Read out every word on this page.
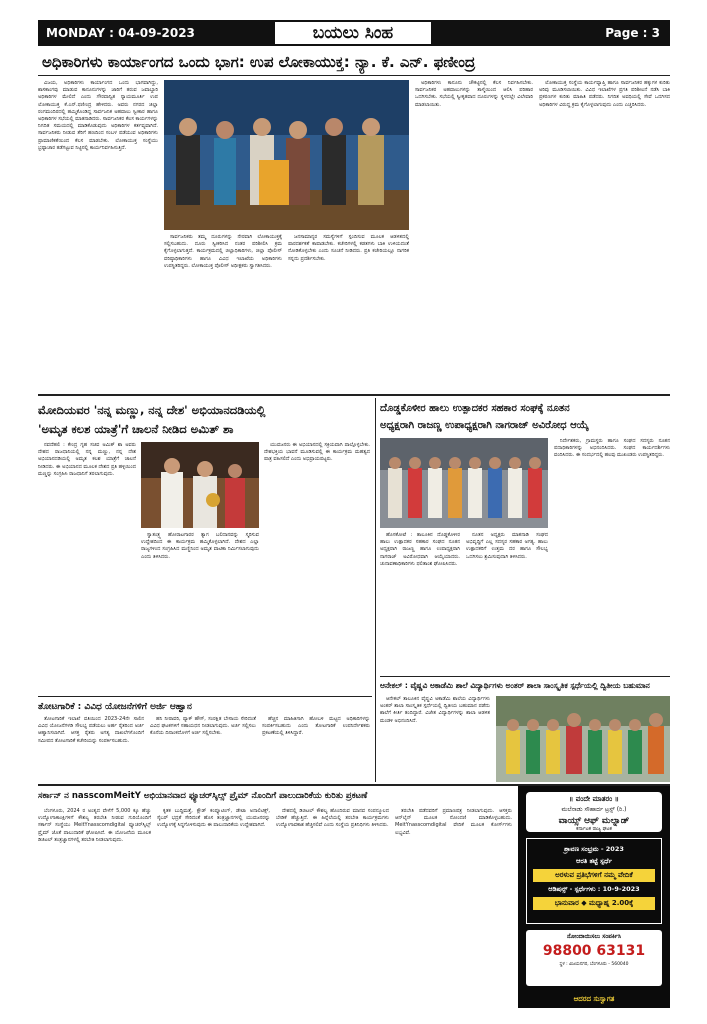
MONDAY : 04-09-2023	ಬಯಲು ಸಿಂಹ	Page : 3
ಅಧಿಕಾರಿಗಳು ಕಾರ್ಯಾಂಗದ ಒಂದು ಭಾಗ: ಉಪ ಲೋಕಾಯುಕ್ತ: ನ್ಯಾ. ಕೆ. ಎನ್. ಫಣೀಂದ್ರ

ವಿಜಯ, ಅಧಿಕಾರಿಗಳು ಕಾರ್ಯಾಂಗದ ಒಂದು ಭಾಗವಾಗಿದ್ದು, ಶಾಸಕಾಂಗವು ಮಾಡುವ ಕಾನೂನುಗಳನ್ನು ಜಾರಿಗೆ ತರುವ ಜವಾಬ್ದಾರಿ ಅಧಿಕಾರಿಗಳ ಮೇಲಿದೆ ಎಂದು ಗೌರವಾನ್ವಿತ ನ್ಯಾಯಮೂರ್ತಿ ಉಪ ಲೋಕಾಯುಕ್ತ ಕೆ.ಎನ್.ಫಣೀಂದ್ರ ಹೇಳಿದರು. ಅವರು ನಗರದ ಜಿಲ್ಲಾ ರಂಗಮಂದಿರದಲ್ಲಿ ಹಮ್ಮಿಕೊಂಡಿದ್ದ ಸಾರ್ವಜನಿಕ ಅಹವಾಲು ಸ್ವೀಕಾರ ಹಾಗೂ ಅಧಿಕಾರಿಗಳ ಸಭೆಯಲ್ಲಿ ಮಾತನಾಡಿದರು. ಸಾರ್ವಜನಿಕರ ಕೆಲಸ ಕಾರ್ಯಗಳನ್ನು ನಿಗದಿತ ಸಮಯದಲ್ಲಿ ಮಾಡಿಕೊಡುವುದು ಅಧಿಕಾರಿಗಳ ಕರ್ತವ್ಯವಾಗಿದೆ. ಸಾರ್ವಜನಿಕರು ನೀಡುವ ತೆರಿಗೆ ಹಣದಿಂದ ಸಂಬಳ ಪಡೆಯುವ ಅಧಿಕಾರಿಗಳು ಪ್ರಾಮಾಣಿಕತೆಯಿಂದ ಕೆಲಸ ಮಾಡಬೇಕು. ಲೋಕಾಯುಕ್ತ ಸಂಸ್ಥೆಯು ಭ್ರಷ್ಟಾಚಾರ ತಡೆಗಟ್ಟುವ ನಿಟ್ಟಿನಲ್ಲಿ ಕಾರ್ಯನಿರ್ವಹಿಸುತ್ತಿದೆ.

ಸಾರ್ವಜನಿಕರು ತಮ್ಮ ದೂರುಗಳನ್ನು ನೇರವಾಗಿ ಲೋಕಾಯುಕ್ತಕ್ಕೆ ಸಲ್ಲಿಸಬಹುದು. ದೂರು ಸ್ವೀಕರಿಸಿದ ನಂತರ ಪರಿಶೀಲಿಸಿ ಕ್ರಮ ಕೈಗೊಳ್ಳಲಾಗುತ್ತದೆ. ಕಾರ್ಯಕ್ರಮದಲ್ಲಿ ಜಿಲ್ಲಾಧಿಕಾರಿಗಳು, ಜಿಲ್ಲಾ ಪೊಲೀಸ್ ವರಿಷ್ಠಾಧಿಕಾರಿಗಳು ಹಾಗೂ ವಿವಿಧ ಇಲಾಖೆಯ ಅಧಿಕಾರಿಗಳು ಉಪಸ್ಥಿತರಿದ್ದರು. ಲೋಕಾಯುಕ್ತ ಪೊಲೀಸ್ ಅಧೀಕ್ಷಕರು ಸ್ವಾಗತಿಸಿದರು.

ಜನಸಾಮಾನ್ಯರ ಸಮಸ್ಯೆಗಳಿಗೆ ಸ್ಪಂದಿಸುವ ಮೂಲಕ ಆಡಳಿತದಲ್ಲಿ ಪಾರದರ್ಶಕತೆ ಕಾಪಾಡಬೇಕು. ಕಚೇರಿಗಳಲ್ಲಿ ಕಡತಗಳು ಬಾಕಿ ಉಳಿಯದಂತೆ ನೋಡಿಕೊಳ್ಳಬೇಕು ಎಂದು ಸೂಚನೆ ನೀಡಿದರು. ಪ್ರತಿ ಕಚೇರಿಯಲ್ಲೂ ನಾಗರಿಕ ಸನ್ನದು ಪ್ರದರ್ಶಿಸಬೇಕು.

ಅಧಿಕಾರಿಗಳು ಕಾನೂನು ಚೌಕಟ್ಟಿನಲ್ಲಿ ಕೆಲಸ ನಿರ್ವಹಿಸಬೇಕು. ಸಾರ್ವಜನಿಕರ ಅಹವಾಲುಗಳನ್ನು ತಾಳ್ಮೆಯಿಂದ ಆಲಿಸಿ ಪರಿಹಾರ ಒದಗಿಸಬೇಕು. ಸಭೆಯಲ್ಲಿ ಸ್ವೀಕೃತವಾದ ದೂರುಗಳನ್ನು ಸ್ಥಳದಲ್ಲೇ ವಿಲೇವಾರಿ ಮಾಡಲಾಯಿತು.

ಲೋಕಾಯುಕ್ತ ಸಂಸ್ಥೆಯ ಕಾರ್ಯವ್ಯಾಪ್ತಿ ಹಾಗೂ ಸಾರ್ವಜನಿಕರ ಹಕ್ಕುಗಳ ಕುರಿತು ಅರಿವು ಮೂಡಿಸಲಾಯಿತು. ವಿವಿಧ ಇಲಾಖೆಗಳ ಪ್ರಗತಿ ಪರಿಶೀಲನೆ ನಡೆಸಿ ಬಾಕಿ ಪ್ರಕರಣಗಳ ಕುರಿತು ಮಾಹಿತಿ ಪಡೆದರು. ನಿಗದಿತ ಅವಧಿಯಲ್ಲಿ ಸೇವೆ ಒದಗಿಸದ ಅಧಿಕಾರಿಗಳ ವಿರುದ್ಧ ಕ್ರಮ ಕೈಗೊಳ್ಳಲಾಗುವುದು ಎಂದು ಎಚ್ಚರಿಸಿದರು.

ಮೋದಿಯವರ 'ನನ್ನ ಮಣ್ಣು, ನನ್ನ ದೇಶ' ಅಭಿಯಾನದಡಿಯಲ್ಲಿ
'ಅಮೃತ ಕಲಶ ಯಾತ್ರೆ'ಗೆ ಚಾಲನೆ ನೀಡಿದ ಅಮಿತ್ ಶಾ

ನವದೆಹಲಿ : ಕೇಂದ್ರ ಗೃಹ ಸಚಿವ ಅಮಿತ್ ಶಾ ಅವರು ದೇಶದ ರಾಜಧಾನಿಯಲ್ಲಿ ನನ್ನ ಮಣ್ಣು, ನನ್ನ ದೇಶ ಅಭಿಯಾನದಡಿಯಲ್ಲಿ ಅಮೃತ ಕಲಶ ಯಾತ್ರೆಗೆ ಚಾಲನೆ ನೀಡಿದರು. ಈ ಅಭಿಯಾನದ ಮೂಲಕ ದೇಶದ ಪ್ರತಿ ಹಳ್ಳಿಯಿಂದ ಮಣ್ಣನ್ನು ಸಂಗ್ರಹಿಸಿ ರಾಜಧಾನಿಗೆ ತರಲಾಗುವುದು.

ಸ್ವಾತಂತ್ರ್ಯ ಹೋರಾಟಗಾರರ ತ್ಯಾಗ ಬಲಿದಾನವನ್ನು ಸ್ಮರಿಸುವ ಉದ್ದೇಶದಿಂದ ಈ ಕಾರ್ಯಕ್ರಮ ಹಮ್ಮಿಕೊಳ್ಳಲಾಗಿದೆ. ದೇಶದ ಎಲ್ಲಾ ರಾಜ್ಯಗಳಿಂದ ಸಂಗ್ರಹಿಸಿದ ಮಣ್ಣಿನಿಂದ ಅಮೃತ ವಾಟಿಕಾ ನಿರ್ಮಿಸಲಾಗುವುದು ಎಂದು ತಿಳಿಸಿದರು.

ಯುವಜನರು ಈ ಅಭಿಯಾನದಲ್ಲಿ ಸಕ್ರಿಯವಾಗಿ ಪಾಲ್ಗೊಳ್ಳಬೇಕು. ದೇಶಭಕ್ತಿಯ ಭಾವನೆ ಮೂಡಿಸುವಲ್ಲಿ ಈ ಕಾರ್ಯಕ್ರಮ ಮಹತ್ವದ ಪಾತ್ರ ವಹಿಸಲಿದೆ ಎಂದು ಅಭಿಪ್ರಾಯಪಟ್ಟರು.

ತೋಟಗಾರಿಕೆ : ವಿವಿಧ ಯೋಜನೆಗಳಿಗೆ ಅರ್ಜಿ ಆಹ್ವಾನ

ತೋಟಗಾರಿಕೆ ಇಲಾಖೆ ವತಿಯಿಂದ 2023-24ನೇ ಸಾಲಿನ ವಿವಿಧ ಯೋಜನೆಗಳಡಿ ಸೌಲಭ್ಯ ಪಡೆಯಲು ಅರ್ಹ ರೈತರಿಂದ ಅರ್ಜಿ ಆಹ್ವಾನಿಸಲಾಗಿದೆ. ಆಸಕ್ತ ರೈತರು ಅಗತ್ಯ ದಾಖಲೆಗಳೊಂದಿಗೆ ಸಮೀಪದ ತೋಟಗಾರಿಕೆ ಕಚೇರಿಯನ್ನು ಸಂಪರ್ಕಿಸಬಹುದು.

ಹನಿ ನೀರಾವರಿ, ಪ್ಯಾಕ್ ಹೌಸ್, ಸಂರಕ್ಷಿತ ಬೇಸಾಯ ಸೇರಿದಂತೆ ವಿವಿಧ ಘಟಕಗಳಿಗೆ ಸಹಾಯಧನ ನೀಡಲಾಗುವುದು. ಅರ್ಜಿ ಸಲ್ಲಿಸಲು ಕೊನೆಯ ದಿನಾಂಕದೊಳಗೆ ಅರ್ಜಿ ಸಲ್ಲಿಸಬೇಕು.

ಹೆಚ್ಚಿನ ಮಾಹಿತಿಗಾಗಿ ಹೋಬಳಿ ಮಟ್ಟದ ಅಧಿಕಾರಿಗಳನ್ನು ಸಂಪರ್ಕಿಸಬಹುದು ಎಂದು ತೋಟಗಾರಿಕೆ ಉಪನಿರ್ದೇಶಕರು ಪ್ರಕಟಣೆಯಲ್ಲಿ ತಿಳಿಸಿದ್ದಾರೆ.

ದೊಡ್ಡಕೊಳೀರ ಹಾಲು ಉತ್ಪಾದಕರ ಸಹಕಾರ ಸಂಘಕ್ಕೆ ನೂತನ
ಅಧ್ಯಕ್ಷರಾಗಿ ರಾಜಣ್ಣ ಉಪಾಧ್ಯಕ್ಷರಾಗಿ ನಾಗರಾಜ್ ಅವಿರೋಧ ಆಯ್ಕೆ

ಹೊಸಕೋಟೆ : ತಾಲೂಕಿನ ದೊಡ್ಡಕೊಳೀರ ಹಾಲು ಉತ್ಪಾದಕರ ಸಹಕಾರ ಸಂಘದ ನೂತನ ಅಧ್ಯಕ್ಷರಾಗಿ ರಾಜಣ್ಣ ಹಾಗೂ ಉಪಾಧ್ಯಕ್ಷರಾಗಿ ನಾಗರಾಜ್ ಅವಿರೋಧವಾಗಿ ಆಯ್ಕೆಯಾದರು. ಚುನಾವಣಾಧಿಕಾರಿಗಳು ಫಲಿತಾಂಶ ಘೋಷಿಸಿದರು.

ನೂತನ ಅಧ್ಯಕ್ಷರು ಮಾತನಾಡಿ ಸಂಘದ ಅಭಿವೃದ್ಧಿಗೆ ಎಲ್ಲ ಸದಸ್ಯರ ಸಹಕಾರ ಅಗತ್ಯ. ಹಾಲು ಉತ್ಪಾದಕರಿಗೆ ಉತ್ತಮ ದರ ಹಾಗೂ ಸೌಲಭ್ಯ ಒದಗಿಸಲು ಶ್ರಮಿಸುವುದಾಗಿ ತಿಳಿಸಿದರು.

ನಿರ್ದೇಶಕರು, ಗ್ರಾಮಸ್ಥರು ಹಾಗೂ ಸಂಘದ ಸದಸ್ಯರು ನೂತನ ಪದಾಧಿಕಾರಿಗಳನ್ನು ಅಭಿನಂದಿಸಿದರು. ಸಂಘದ ಕಾರ್ಯದರ್ಶಿಗಳು ವಂದಿಸಿದರು. ಈ ಸಂದರ್ಭದಲ್ಲಿ ಹಲವು ಮುಖಂಡರು ಉಪಸ್ಥಿತರಿದ್ದರು.

ಆನೇಕಲ್ : ವೈಷ್ಣವಿ ಅಕಾಡೆಮಿ ಶಾಲೆ ವಿದ್ಯಾರ್ಥಿಗಳು ಅಂತರ್ ಶಾಲಾ ಸಾಂಸ್ಕೃತಿಕ ಸ್ಪರ್ಧೆಯಲ್ಲಿ ದ್ವಿತೀಯ ಬಹುಮಾನ

ಆನೇಕಲ್ ತಾಲೂಕಿನ ವೈಷ್ಣವಿ ಅಕಾಡೆಮಿ ಶಾಲೆಯ ವಿದ್ಯಾರ್ಥಿಗಳು ಅಂತರ್ ಶಾಲಾ ಸಾಂಸ್ಕೃತಿಕ ಸ್ಪರ್ಧೆಯಲ್ಲಿ ದ್ವಿತೀಯ ಬಹುಮಾನ ಪಡೆದು ಶಾಲೆಗೆ ಕೀರ್ತಿ ತಂದಿದ್ದಾರೆ. ವಿಜೇತ ವಿದ್ಯಾರ್ಥಿಗಳನ್ನು ಶಾಲಾ ಆಡಳಿತ ಮಂಡಳಿ ಅಭಿನಂದಿಸಿದೆ.

ಸರ್ಕಾನ್ ನ nasscomMeitY ಅಭಿಯಾನವಾದ ಫ್ಯೂಚರ್‌ಸ್ಕಿಲ್ಸ್ ಪ್ರೈಮ್ ನೊಂದಿಗೆ ಪಾಲುದಾರಿಕೆಯ ಕುರಿತು ಪ್ರಕಟಣೆ

ಬೆಂಗಳೂರು, 2024 ರ ಅಂತ್ಯದ ವೇಳೆಗೆ 5,000 ಕ್ಕೂ ಹೆಚ್ಚು ಉದ್ಯೋಗಾಕಾಂಕ್ಷಿಗಳಿಗೆ ಕೌಶಲ್ಯ ತರಬೇತಿ ನೀಡುವ ಗುರಿಯೊಂದಿಗೆ ಸರ್ಕಾನ್ ಸಂಸ್ಥೆಯು MeitYnasscomdigital ಫ್ಯೂಚರ್‌ಸ್ಕಿಲ್ಸ್ ಪ್ರೈಮ್ ಜೊತೆ ಪಾಲುದಾರಿಕೆ ಘೋಷಿಸಿದೆ. ಈ ಯೋಜನೆಯ ಮೂಲಕ ಡಿಜಿಟಲ್ ತಂತ್ರಜ್ಞಾನಗಳಲ್ಲಿ ತರಬೇತಿ ನೀಡಲಾಗುವುದು.

ಕೃತಕ ಬುದ್ಧಿಮತ್ತೆ, ಕ್ಲೌಡ್ ಕಂಪ್ಯೂಟಿಂಗ್, ಡೇಟಾ ಅನಾಲಿಟಿಕ್ಸ್, ಸೈಬರ್ ಭದ್ರತೆ ಸೇರಿದಂತೆ ಹೊಸ ತಂತ್ರಜ್ಞಾನಗಳಲ್ಲಿ ಯುವಜನರನ್ನು ಉದ್ಯೋಗಕ್ಕೆ ಸಿದ್ಧಗೊಳಿಸುವುದು ಈ ಪಾಲುದಾರಿಕೆಯ ಉದ್ದೇಶವಾಗಿದೆ.

ದೇಶದಲ್ಲಿ ಡಿಜಿಟಲ್ ಕೌಶಲ್ಯ ಹೊಂದಿರುವ ಮಾನವ ಸಂಪನ್ಮೂಲದ ಬೇಡಿಕೆ ಹೆಚ್ಚುತ್ತಿದೆ. ಈ ಹಿನ್ನೆಲೆಯಲ್ಲಿ ತರಬೇತಿ ಕಾರ್ಯಕ್ರಮಗಳು ಉದ್ಯೋಗಾವಕಾಶ ಹೆಚ್ಚಿಸಲಿವೆ ಎಂದು ಸಂಸ್ಥೆಯ ಪ್ರತಿನಿಧಿಗಳು ತಿಳಿಸಿದರು.

ತರಬೇತಿ ಪಡೆದವರಿಗೆ ಪ್ರಮಾಣಪತ್ರ ನೀಡಲಾಗುವುದು. ಆಸಕ್ತರು ಆನ್‌ಲೈನ್ ಮೂಲಕ ನೋಂದಣಿ ಮಾಡಿಕೊಳ್ಳಬಹುದು. MeitYnasscomdigital ವೇದಿಕೆ ಮೂಲಕ ಕೋರ್ಸ್‌ಗಳು ಲಭ್ಯವಿವೆ.

॥ ವಂದೇ ಮಾತರಂ ॥
ಮಲೆನಾಡು ಸೌಹಾರ್ದ ಟ್ರಸ್ಟ್ (ರಿ.)
ವಾಯ್ಸ್ ಆಫ್ ಮಲ್ನಾಡ್
ಕರ್ನಾಟಕ ರಾಜ್ಯ ಘಟಕ
ಶ್ರಾವಣ ಸಂಭ್ರಮ - 2023
ಆರತಿ ತಟ್ಟೆ ಸ್ಪರ್ಧೆ
ಅರಳುವ ಪ್ರತಿಭೆಗಳಿಗೆ ನಮ್ಮ ವೇದಿಕೆ
ಆಡಿಷನ್ಸ್ - ಸ್ಪರ್ಧೆಗಳು : 10-9-2023
ಭಾನುವಾರ ◆ ಮಧ್ಯಾಹ್ನ 2.00ಕ್ಕೆ
ನೋಂದಾಯಿಸಲು ಸಂಪರ್ಕಿಸಿ
98800 63131
ಸ್ಥಳ : ವಿಜಯನಗರ, ಬೆಂಗಳೂರು - 560040
ಆದರದ ಸುಸ್ವಾಗತ
